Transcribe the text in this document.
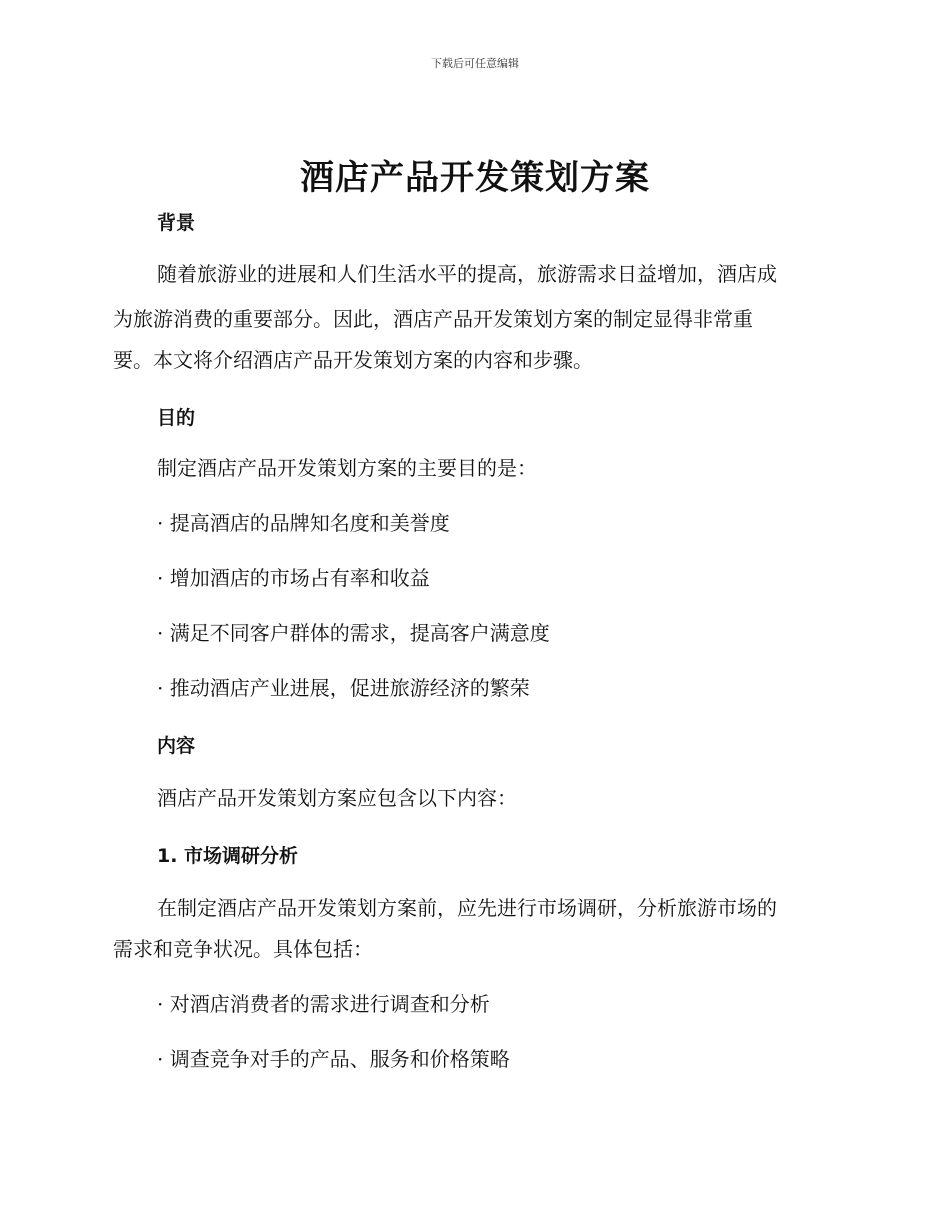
下载后可任意编辑
酒店产品开发策划方案
背景
随着旅游业的进展和人们生活水平的提高，旅游需求日益增加，酒店成
为旅游消费的重要部分。因此，酒店产品开发策划方案的制定显得非常重
要。本文将介绍酒店产品开发策划方案的内容和步骤。
目的
制定酒店产品开发策划方案的主要目的是：
· 提高酒店的品牌知名度和美誉度
· 增加酒店的市场占有率和收益
· 满足不同客户群体的需求，提高客户满意度
· 推动酒店产业进展，促进旅游经济的繁荣
内容
酒店产品开发策划方案应包含以下内容：
1. 市场调研分析
在制定酒店产品开发策划方案前，应先进行市场调研，分析旅游市场的
需求和竞争状况。具体包括：
· 对酒店消费者的需求进行调查和分析
· 调查竞争对手的产品、服务和价格策略
